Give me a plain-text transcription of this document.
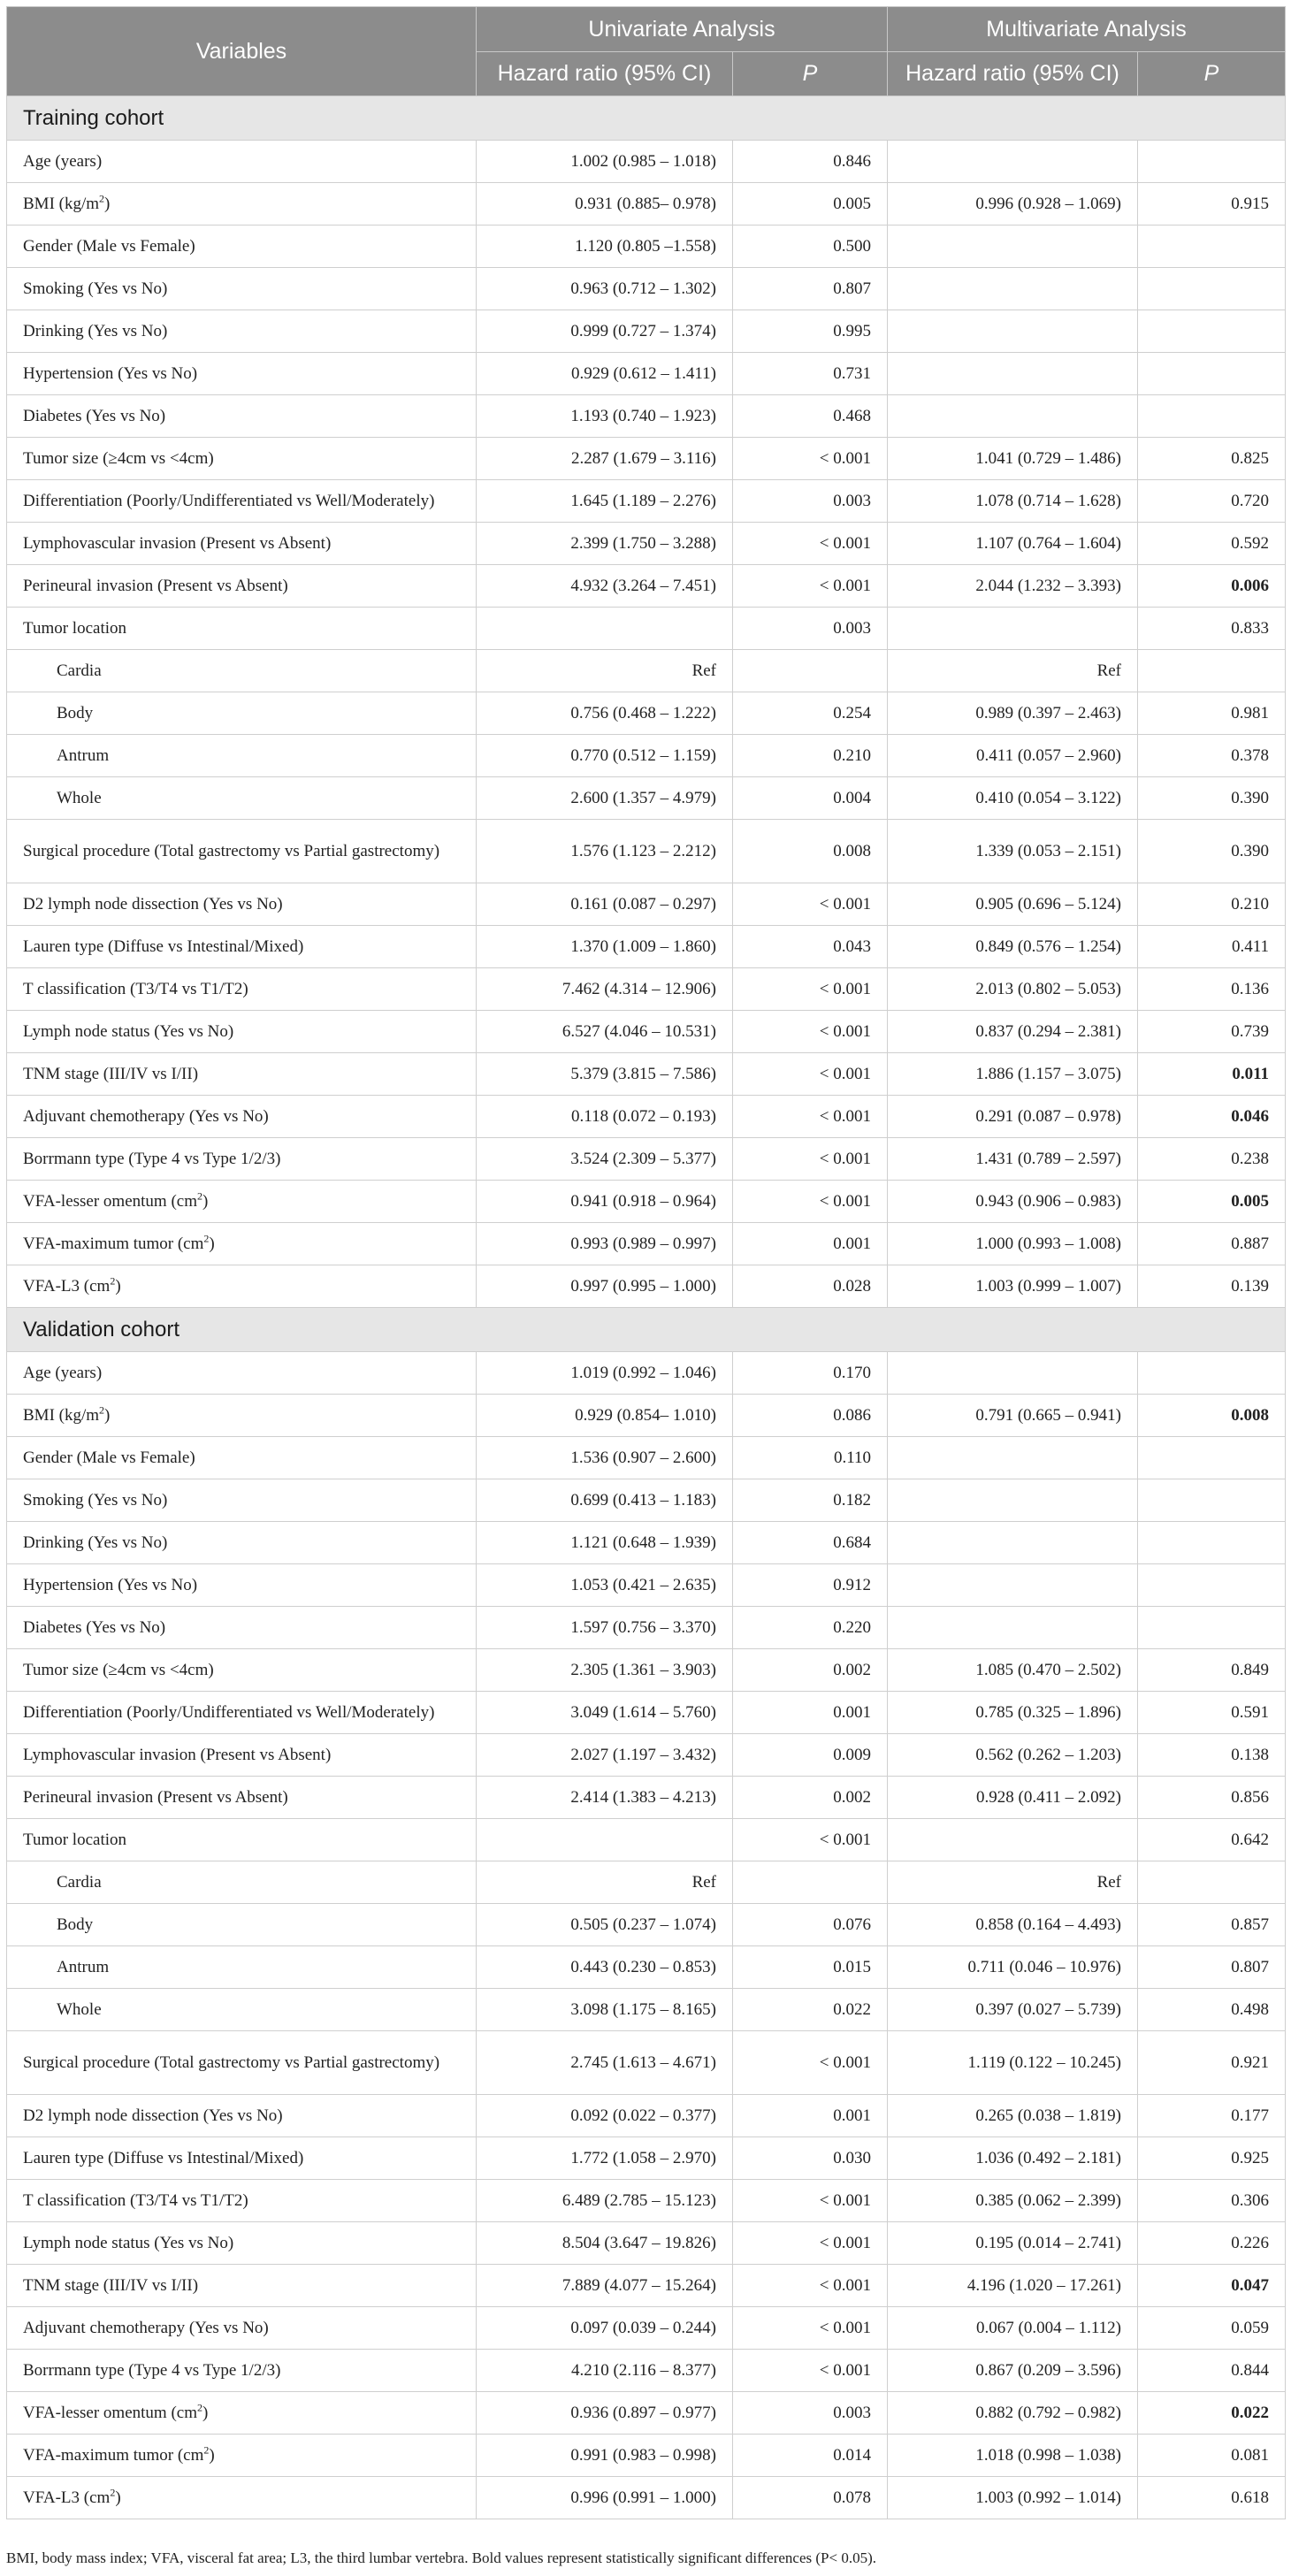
Variables	Univariate Analysis		Multivariate Analysis	
	Hazard ratio (95% CI)	P	Hazard ratio (95% CI)	P
Training cohort				
Age (years)	1.002 (0.985 – 1.018)	0.846		
BMI $(kg/m^2)$	0.931 (0.885– 0.978)	0.005	0.996 (0.928 – 1.069)	0.915
Gender (Male vs Female)	1.120 (0.805 –1.558)	0.500		
Smoking (Yes vs No)	0.963 (0.712 – 1.302)	0.807		
Drinking (Yes vs No)	0.999 (0.727 – 1.374)	0.995		
Hypertension (Yes vs No)	0.929 (0.612 – 1.411)	0.731		
Diabetes (Yes vs No)	1.193 (0.740 – 1.923)	0.468		
Tumor size (≥4cm vs <4cm)	2.287 (1.679 – 3.116)	< 0.001	1.041 (0.729 – 1.486)	0.825
Differentiation (Poorly/Undifferentiated vs Well/Moderately)	1.645 (1.189 – 2.276)	0.003	1.078 (0.714 – 1.628)	0.720
Lymphovascular invasion (Present vs Absent)	2.399 (1.750 – 3.288)	< 0.001	1.107 (0.764 – 1.604)	0.592
Perineural invasion (Present vs Absent)	4.932 (3.264 – 7.451)	< 0.001	2.044 (1.232 – 3.393)	0.006
Tumor location		0.003		0.833
Cardia	Ref		Ref	
Body	0.756 (0.468 – 1.222)	0.254	0.989 (0.397 – 2.463)	0.981
Antrum	0.770 (0.512 – 1.159)	0.210	0.411 (0.057 – 2.960)	0.378
Whole	2.600 (1.357 – 4.979)	0.004	0.410 (0.054 – 3.122)	0.390
Surgical procedure (Total gastrectomy vs Partial gastrectomy)	1.576 (1.123 – 2.212)	0.008	1.339 (0.053 – 2.151)	0.390
D2 lymph node dissection (Yes vs No)	0.161 (0.087 – 0.297)	< 0.001	0.905 (0.696 – 5.124)	0.210
Lauren type (Diffuse vs Intestinal/Mixed)	1.370 (1.009 – 1.860)	0.043	0.849 (0.576 – 1.254)	0.411
T classification (T3/T4 vs T1/T2)	7.462 (4.314 – 12.906)	< 0.001	2.013 (0.802 – 5.053)	0.136
Lymph node status (Yes vs No)	6.527 (4.046 – 10.531)	< 0.001	0.837 (0.294 – 2.381)	0.739
TNM stage (III/IV vs I/II)	5.379 (3.815 – 7.586)	< 0.001	1.886 (1.157 – 3.075)	0.011
Adjuvant chemotherapy (Yes vs No)	0.118 (0.072 – 0.193)	< 0.001	0.291 (0.087 – 0.978)	0.046
Borrmann type (Type 4 vs Type 1/2/3)	3.524 (2.309 – 5.377)	< 0.001	1.431 (0.789 – 2.597)	0.238
VFA-lesser omentum $(cm^2)$	0.941 (0.918 – 0.964)	< 0.001	0.943 (0.906 – 0.983)	0.005
VFA-maximum tumor $(cm^2)$	0.993 (0.989 – 0.997)	0.001	1.000 (0.993 – 1.008)	0.887
VFA-L3 $(cm^2)$	0.997 (0.995 – 1.000)	0.028	1.003 (0.999 – 1.007)	0.139
Validation cohort				
Age (years)	1.019 (0.992 – 1.046)	0.170		
BMI $(kg/m^2)$	0.929 (0.854– 1.010)	0.086	0.791 (0.665 – 0.941)	0.008
Gender (Male vs Female)	1.536 (0.907 – 2.600)	0.110		
Smoking (Yes vs No)	0.699 (0.413 – 1.183)	0.182		
Drinking (Yes vs No)	1.121 (0.648 – 1.939)	0.684		
Hypertension (Yes vs No)	1.053 (0.421 – 2.635)	0.912		
Diabetes (Yes vs No)	1.597 (0.756 – 3.370)	0.220		
Tumor size (≥4cm vs <4cm)	2.305 (1.361 – 3.903)	0.002	1.085 (0.470 – 2.502)	0.849
Differentiation (Poorly/Undifferentiated vs Well/Moderately)	3.049 (1.614 – 5.760)	0.001	0.785 (0.325 – 1.896)	0.591
Lymphovascular invasion (Present vs Absent)	2.027 (1.197 – 3.432)	0.009	0.562 (0.262 – 1.203)	0.138
Perineural invasion (Present vs Absent)	2.414 (1.383 – 4.213)	0.002	0.928 (0.411 – 2.092)	0.856
Tumor location		< 0.001		0.642
Cardia	Ref		Ref	
Body	0.505 (0.237 – 1.074)	0.076	0.858 (0.164 – 4.493)	0.857
Antrum	0.443 (0.230 – 0.853)	0.015	0.711 (0.046 – 10.976)	0.807
Whole	3.098 (1.175 – 8.165)	0.022	0.397 (0.027 – 5.739)	0.498
Surgical procedure (Total gastrectomy vs Partial gastrectomy)	2.745 (1.613 – 4.671)	< 0.001	1.119 (0.122 – 10.245)	0.921
D2 lymph node dissection (Yes vs No)	0.092 (0.022 – 0.377)	0.001	0.265 (0.038 – 1.819)	0.177
Lauren type (Diffuse vs Intestinal/Mixed)	1.772 (1.058 – 2.970)	0.030	1.036 (0.492 – 2.181)	0.925
T classification (T3/T4 vs T1/T2)	6.489 (2.785 – 15.123)	< 0.001	0.385 (0.062 – 2.399)	0.306
Lymph node status (Yes vs No)	8.504 (3.647 – 19.826)	< 0.001	0.195 (0.014 – 2.741)	0.226
TNM stage (III/IV vs I/II)	7.889 (4.077 – 15.264)	< 0.001	4.196 (1.020 – 17.261)	0.047
Adjuvant chemotherapy (Yes vs No)	0.097 (0.039 – 0.244)	< 0.001	0.067 (0.004 – 1.112)	0.059
Borrmann type (Type 4 vs Type 1/2/3)	4.210 (2.116 – 8.377)	< 0.001	0.867 (0.209 – 3.596)	0.844
VFA-lesser omentum $(cm^2)$	0.936 (0.897 – 0.977)	0.003	0.882 (0.792 – 0.982)	0.022
VFA-maximum tumor $(cm^2)$	0.991 (0.983 – 0.998)	0.014	1.018 (0.998 – 1.038)	0.081
VFA-L3 $(cm^2)$	0.996 (0.991 – 1.000)	0.078	1.003 (0.992 – 1.014)	0.618
BMI, body mass index; VFA, visceral fat area; L3, the third lumbar vertebra. Bold values represent statistically significant differences (P< 0.05).
